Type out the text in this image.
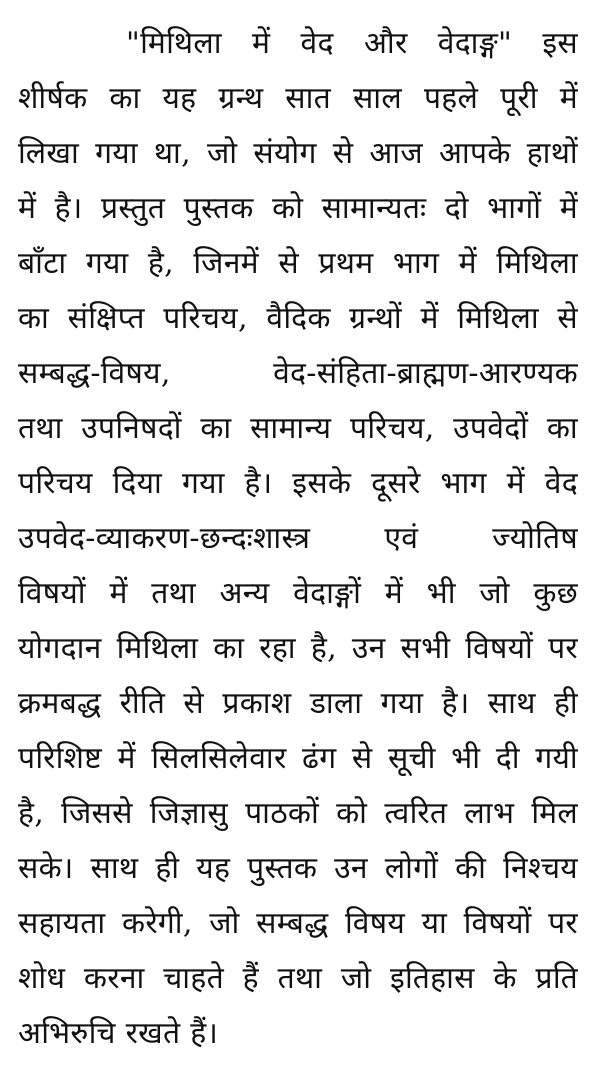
"मिथिला में वेद और वेदाङ्ग" इस
शीर्षक का यह ग्रन्थ सात साल पहले पूरी में
लिखा गया था, जो संयोग से आज आपके हाथों
में है। प्रस्तुत पुस्तक को सामान्यतः दो भागों में
बाँटा गया है, जिनमें से प्रथम भाग में मिथिला
का संक्षिप्त परिचय, वैदिक ग्रन्थों में मिथिला से
सम्बद्ध-विषय, वेद-संहिता-ब्राह्मण-आरण्यक
तथा उपनिषदों का सामान्य परिचय, उपवेदों का
परिचय दिया गया है। इसके दूसरे भाग में वेद
उपवेद-व्याकरण-छन्दःशास्त्र एवं ज्योतिष
विषयों में तथा अन्य वेदाङ्गों में भी जो कुछ
योगदान मिथिला का रहा है, उन सभी विषयों पर
क्रमबद्ध रीति से प्रकाश डाला गया है। साथ ही
परिशिष्ट में सिलसिलेवार ढंग से सूची भी दी गयी
है, जिससे जिज्ञासु पाठकों को त्वरित लाभ मिल
सके। साथ ही यह पुस्तक उन लोगों की निश्चय
सहायता करेगी, जो सम्बद्ध विषय या विषयों पर
शोध करना चाहते हैं तथा जो इतिहास के प्रति
अभिरुचि रखते हैं।
